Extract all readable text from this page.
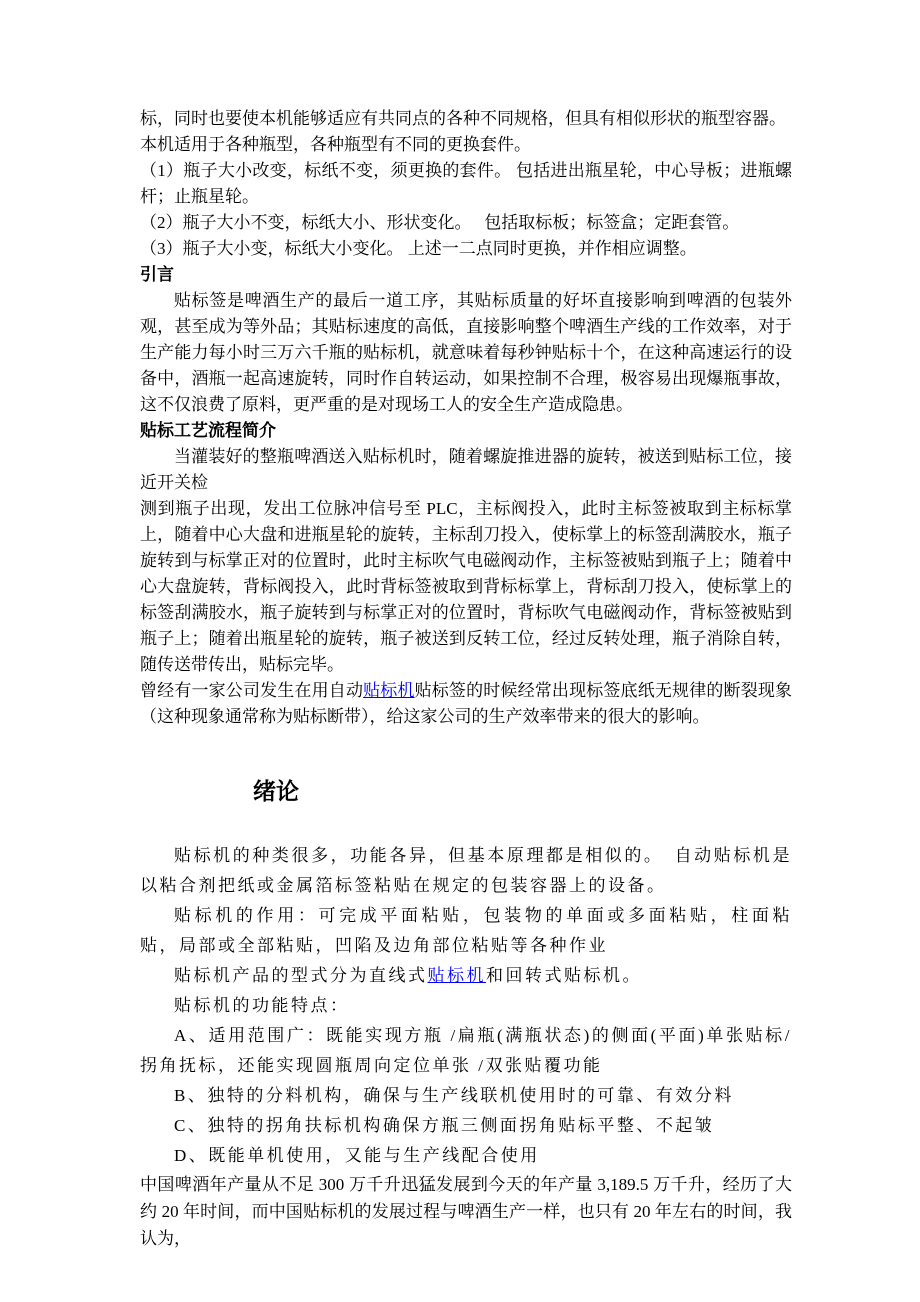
标，同时也要使本机能够适应有共同点的各种不同规格，但具有相似形状的瓶型容器。

本机适用于各种瓶型，各种瓶型有不同的更换套件。

（1）瓶子大小改变，标纸不变，须更换的套件。 包括进出瓶星轮，中心导板；进瓶螺杆；止瓶星轮。

（2）瓶子大小不变，标纸大小、形状变化。　 包括取标板；标签盒；定距套管。

（3）瓶子大小变，标纸大小变化。 上述一二点同时更换，并作相应调整。

引言

贴标签是啤酒生产的最后一道工序，其贴标质量的好坏直接影响到啤酒的包装外观，甚至成为等外品；其贴标速度的高低，直接影响整个啤酒生产线的工作效率，对于生产能力每小时三万六千瓶的贴标机，就意味着每秒钟贴标十个，在这种高速运行的设备中，酒瓶一起高速旋转，同时作自转运动，如果控制不合理，极容易出现爆瓶事故，这不仅浪费了原料，更严重的是对现场工人的安全生产造成隐患。

贴标工艺流程简介

当灌装好的整瓶啤酒送入贴标机时，随着螺旋推进器的旋转，被送到贴标工位，接近开关检

测到瓶子出现，发出工位脉冲信号至 PLC，主标阀投入，此时主标签被取到主标标掌上，随着中心大盘和进瓶星轮的旋转，主标刮刀投入，使标掌上的标签刮满胶水，瓶子旋转到与标掌正对的位置时，此时主标吹气电磁阀动作，主标签被贴到瓶子上；随着中心大盘旋转，背标阀投入，此时背标签被取到背标标掌上，背标刮刀投入，使标掌上的标签刮满胶水，瓶子旋转到与标掌正对的位置时，背标吹气电磁阀动作，背标签被贴到瓶子上；随着出瓶星轮的旋转，瓶子被送到反转工位，经过反转处理，瓶子消除自转，随传送带传出，贴标完毕。

曾经有一家公司发生在用自动贴标机贴标签的时候经常出现标签底纸无规律的断裂现象（这种现象通常称为贴标断带），给这家公司的生产效率带来的很大的影响。

绪论

贴标机的种类很多，功能各异，但基本原理都是相似的。　自动贴标机是以粘合剂把纸或金属箔标签粘贴在规定的包装容器上的设备。

贴标机的作用：可完成平面粘贴，包装物的单面或多面粘贴，柱面粘贴，局部或全部粘贴，凹陷及边角部位粘贴等各种作业

贴标机产品的型式分为直线式贴标机和回转式贴标机。

贴标机的功能特点：

A、适用范围广：既能实现方瓶 /扁瓶(满瓶状态)的侧面(平面)单张贴标/拐角抚标，还能实现圆瓶周向定位单张 /双张贴覆功能

B、独特的分料机构，确保与生产线联机使用时的可靠、有效分料

C、独特的拐角扶标机构确保方瓶三侧面拐角贴标平整、不起皱

D、既能单机使用，又能与生产线配合使用

中国啤酒年产量从不足 300 万千升迅猛发展到今天的年产量 3,189.5 万千升，经历了大约 20 年时间，而中国贴标机的发展过程与啤酒生产一样，也只有 20 年左右的时间，我认为，
